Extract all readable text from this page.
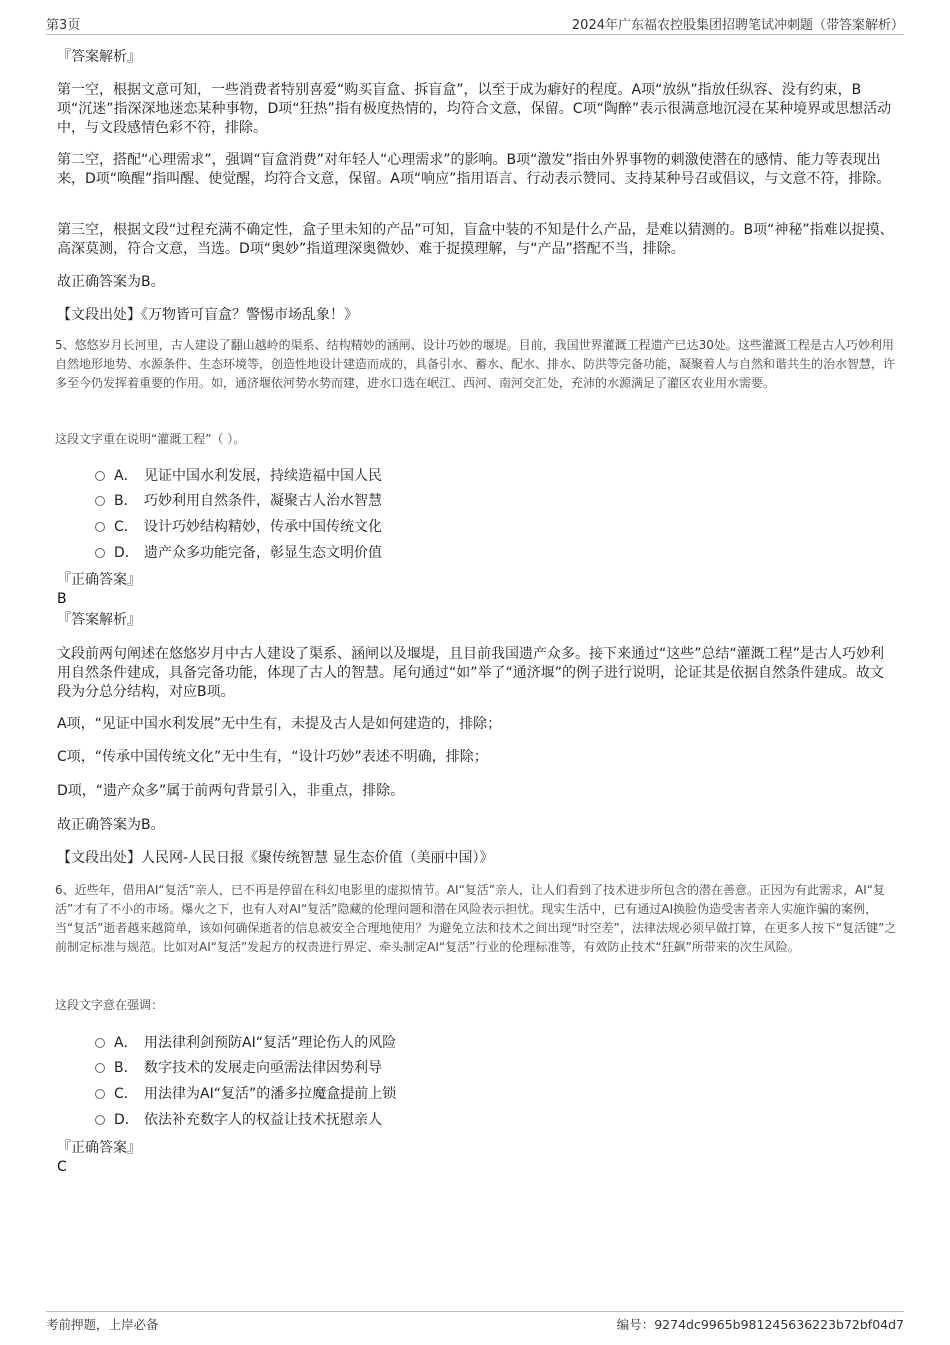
第3页	2024年广东福农控股集团招聘笔试冲刺题（带答案解析）
『答案解析』
第一空，根据文意可知，一些消费者特别喜爱“购买盲盒、拆盲盒”，以至于成为癖好的程度。A项“放纵”指放任纵容、没有约束，B项“沉迷”指深深地迷恋某种事物，D项“狂热”指有极度热情的，均符合文意，保留。C项“陶醉”表示很满意地沉浸在某种境界或思想活动中，与文段感情色彩不符，排除。
第二空，搭配“心理需求”，强调“盲盒消费”对年轻人“心理需求”的影响。B项“激发”指由外界事物的刺激使潜在的感情、能力等表现出来，D项“唤醒”指叫醒、使觉醒，均符合文意，保留。A项“响应”指用语言、行动表示赞同、支持某种号召或倡议，与文意不符，排除。
第三空，根据文段“过程充满不确定性，盒子里未知的产品”可知，盲盒中装的不知是什么产品，是难以猜测的。B项“神秘”指难以捉摸、高深莫测，符合文意，当选。D项“奥妙”指道理深奥微妙、难于捉摸理解，与“产品”搭配不当，排除。
故正确答案为B。
【文段出处】《万物皆可盲盒？警惕市场乱象！》
5、悠悠岁月长河里，古人建设了翻山越岭的渠系、结构精妙的涵闸、设计巧妙的堰堤。目前，我国世界灌溉工程遗产已达30处。这些灌溉工程是古人巧妙利用自然地形地势、水源条件、生态环境等，创造性地设计建造而成的，具备引水、蓄水、配水、排水、防洪等完备功能，凝聚着人与自然和谐共生的治水智慧，许多至今仍发挥着重要的作用。如，通济堰依河势水势而建，进水口选在岷江、西河、南河交汇处，充沛的水源满足了灌区农业用水需要。
这段文字重在说明“灌溉工程”（ ）。
A． 见证中国水利发展，持续造福中国人民
B． 巧妙利用自然条件，凝聚古人治水智慧
C． 设计巧妙结构精妙，传承中国传统文化
D． 遗产众多功能完备，彰显生态文明价值
『正确答案』
B
『答案解析』
文段前两句阐述在悠悠岁月中古人建设了渠系、涵闸以及堰堤，且目前我国遗产众多。接下来通过“这些”总结“灌溉工程”是古人巧妙利用自然条件建成，具备完备功能，体现了古人的智慧。尾句通过“如”举了“通济堰”的例子进行说明，论证其是依据自然条件建成。故文段为分总分结构，对应B项。
A项，“见证中国水利发展”无中生有，未提及古人是如何建造的，排除；
C项，“传承中国传统文化”无中生有，“设计巧妙”表述不明确，排除；
D项，“遗产众多”属于前两句背景引入，非重点，排除。
故正确答案为B。
【文段出处】人民网-人民日报《聚传统智慧 显生态价值（美丽中国）》
6、近些年，借用AI“复活”亲人，已不再是停留在科幻电影里的虚拟情节。AI“复活”亲人，让人们看到了技术进步所包含的潜在善意。正因为有此需求，AI“复活”才有了不小的市场。爆火之下，也有人对AI“复活”隐藏的伦理问题和潜在风险表示担忧。现实生活中，已有通过AI换脸伪造受害者亲人实施诈骗的案例，当“复活”逝者越来越简单，该如何确保逝者的信息被安全合理地使用？为避免立法和技术之间出现“时空差”，法律法规必须早做打算，在更多人按下“复活键”之前制定标准与规范。比如对AI“复活”发起方的权责进行界定、牵头制定AI“复活”行业的伦理标准等，有效防止技术“狂飙”所带来的次生风险。
这段文字意在强调：
A． 用法律利剑预防AI“复活”理论伤人的风险
B． 数字技术的发展走向亟需法律因势利导
C． 用法律为AI“复活”的潘多拉魔盒提前上锁
D． 依法补充数字人的权益让技术抚慰亲人
『正确答案』
C
考前押题，上岸必备	编号：9274dc9965b981245636223b72bf04d7
